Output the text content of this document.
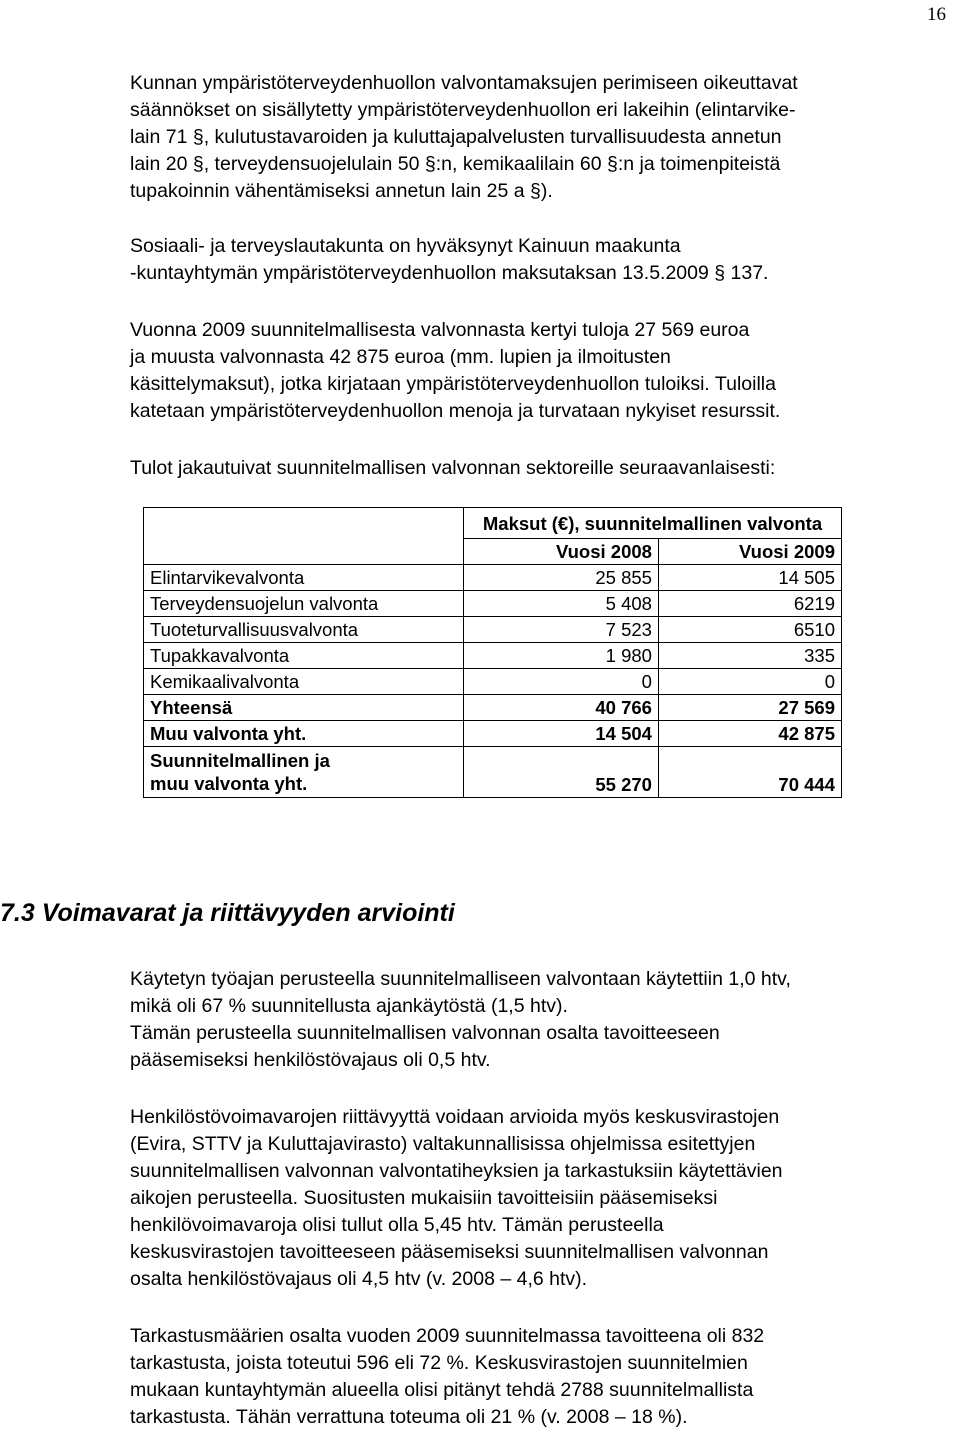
16

Kunnan ympäristöterveydenhuollon valvontamaksujen perimiseen oikeuttavat
säännökset on sisällytetty ympäristöterveydenhuollon eri lakeihin (elintarvike-
lain 71 §, kulutustavaroiden ja kuluttajapalvelusten turvallisuudesta annetun
lain 20 §, terveydensuojelulain 50 §:n, kemikaalilain 60 §:n ja toimenpiteistä
tupakoinnin vähentämiseksi annetun lain 25 a §).

Sosiaali- ja terveyslautakunta on hyväksynyt Kainuun maakunta
-kuntayhtymän ympäristöterveydenhuollon maksutaksan 13.5.2009 § 137.

Vuonna 2009 suunnitelmallisesta valvonnasta kertyi tuloja 27 569 euroa
ja muusta valvonnasta 42 875 euroa (mm. lupien ja ilmoitusten
käsittelymaksut), jotka kirjataan ympäristöterveydenhuollon tuloiksi. Tuloilla
katetaan ympäristöterveydenhuollon menoja ja turvataan nykyiset resurssit.

Tulot jakautuivat suunnitelmallisen valvonnan sektoreille seuraavanlaisesti:

	Maksut (€), suunnitelmallinen valvonta	
	Vuosi 2008	Vuosi 2009
Elintarvikevalvonta	25 855	14 505
Terveydensuojelun valvonta	5 408	6219
Tuoteturvallisuusvalvonta	7 523	6510
Tupakkavalvonta	1 980	335
Kemikaalivalvonta	0	0
Yhteensä	40 766	27 569
Muu valvonta yht.	14 504	42 875
Suunnitelmallinen ja
muu valvonta yht.	55 270	70 444
7.3 Voimavarat ja riittävyyden arviointi

Käytetyn työajan perusteella suunnitelmalliseen valvontaan käytettiin 1,0 htv,
mikä oli 67 % suunnitellusta ajankäytöstä (1,5 htv).
Tämän perusteella suunnitelmallisen valvonnan osalta tavoitteeseen
pääsemiseksi henkilöstövajaus oli 0,5 htv.

Henkilöstövoimavarojen riittävyyttä voidaan arvioida myös keskusvirastojen
(Evira, STTV ja Kuluttajavirasto) valtakunnallisissa ohjelmissa esitettyjen
suunnitelmallisen valvonnan valvontatiheyksien ja tarkastuksiin käytettävien
aikojen perusteella. Suositusten mukaisiin tavoitteisiin pääsemiseksi
henkilövoimavaroja olisi tullut olla 5,45 htv. Tämän perusteella
keskusvirastojen tavoitteeseen pääsemiseksi suunnitelmallisen valvonnan
osalta henkilöstövajaus oli 4,5 htv (v. 2008 – 4,6 htv).

Tarkastusmäärien osalta vuoden 2009 suunnitelmassa tavoitteena oli 832
tarkastusta, joista toteutui 596 eli 72 %. Keskusvirastojen suunnitelmien
mukaan kuntayhtymän alueella olisi pitänyt tehdä 2788 suunnitelmallista
tarkastusta. Tähän verrattuna toteuma oli 21 % (v. 2008 – 18 %).
